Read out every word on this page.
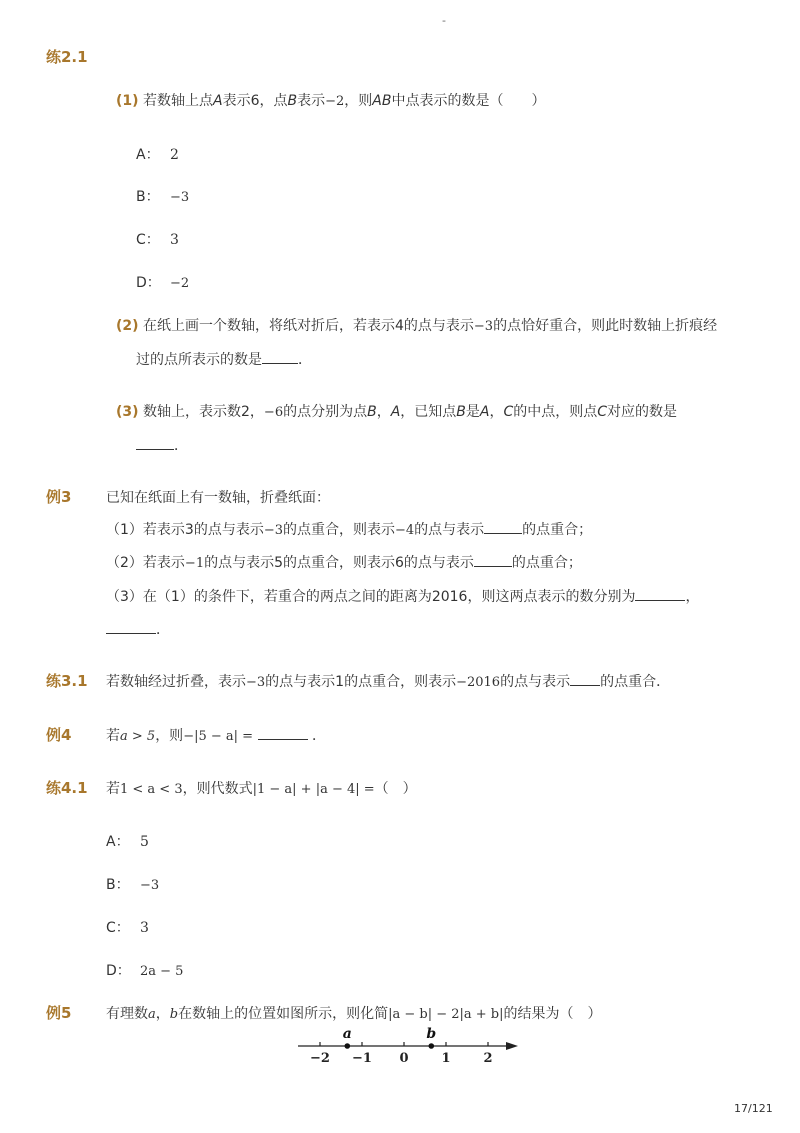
-
练2.1
(1) 若数轴上点A表示6，点B表示−2，则AB中点表示的数是（　　）
A： 2
B： −3
C： 3
D： −2
(2) 在纸上画一个数轴，将纸对折后，若表示4的点与表示−3的点恰好重合，则此时数轴上折痕经
过的点所表示的数是	．
(3) 数轴上，表示数2，−6的点分别为点B，A，已知点B是A，C的中点，则点C对应的数是
．
例3 已知在纸面上有一数轴，折叠纸面：
（1）若表示3的点与表示−3的点重合，则表示−4的点与表示	的点重合；
（2）若表示−1的点与表示5的点重合，则表示6的点与表示	的点重合；
（3）在（1）的条件下，若重合的两点之间的距离为2016，则这两点表示的数分别为	，
．
练3.1 若数轴经过折叠，表示−3的点与表示1的点重合，则表示−2016的点与表示 的点重合．
例4 若a > 5，则−|5 − a| =	．
练4.1 若1 < a < 3，则代数式|1 − a| + |a − 4| =（　）
A： 5
B： −3
C： 3
D： 2a − 5
例5 有理数a，b在数轴上的位置如图所示，则化简|a − b| − 2|a + b|的结果为（　）
−2 −1 0	1	2
a	b
17/121
